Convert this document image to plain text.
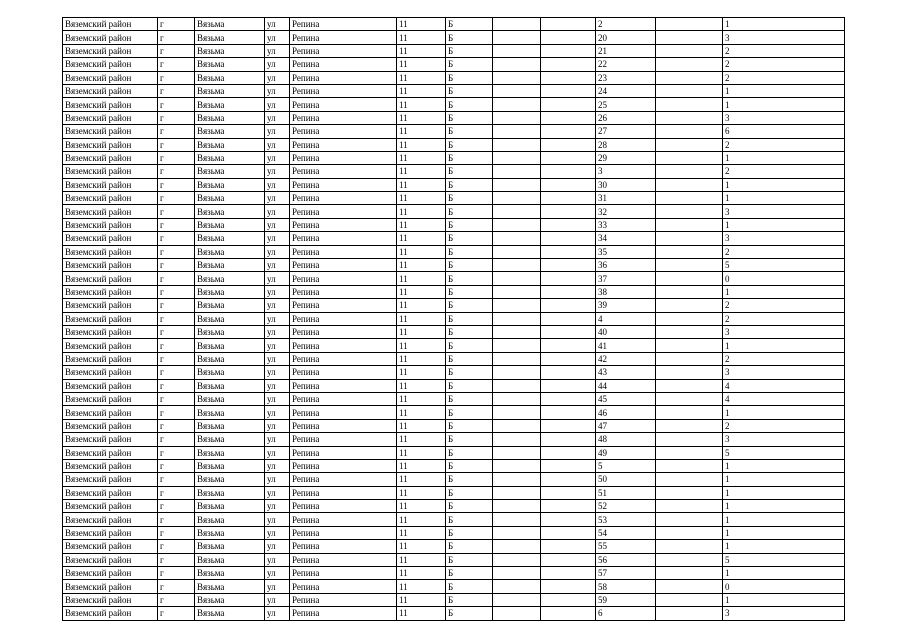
Вяземский район	г	Вязьма	ул	Репина	11	Б			2		1
Вяземский район	г	Вязьма	ул	Репина	11	Б			20		3
Вяземский район	г	Вязьма	ул	Репина	11	Б			21		2
Вяземский район	г	Вязьма	ул	Репина	11	Б			22		2
Вяземский район	г	Вязьма	ул	Репина	11	Б			23		2
Вяземский район	г	Вязьма	ул	Репина	11	Б			24		1
Вяземский район	г	Вязьма	ул	Репина	11	Б			25		1
Вяземский район	г	Вязьма	ул	Репина	11	Б			26		3
Вяземский район	г	Вязьма	ул	Репина	11	Б			27		6
Вяземский район	г	Вязьма	ул	Репина	11	Б			28		2
Вяземский район	г	Вязьма	ул	Репина	11	Б			29		1
Вяземский район	г	Вязьма	ул	Репина	11	Б			3		2
Вяземский район	г	Вязьма	ул	Репина	11	Б			30		1
Вяземский район	г	Вязьма	ул	Репина	11	Б			31		1
Вяземский район	г	Вязьма	ул	Репина	11	Б			32		3
Вяземский район	г	Вязьма	ул	Репина	11	Б			33		1
Вяземский район	г	Вязьма	ул	Репина	11	Б			34		3
Вяземский район	г	Вязьма	ул	Репина	11	Б			35		2
Вяземский район	г	Вязьма	ул	Репина	11	Б			36		5
Вяземский район	г	Вязьма	ул	Репина	11	Б			37		0
Вяземский район	г	Вязьма	ул	Репина	11	Б			38		1
Вяземский район	г	Вязьма	ул	Репина	11	Б			39		2
Вяземский район	г	Вязьма	ул	Репина	11	Б			4		2
Вяземский район	г	Вязьма	ул	Репина	11	Б			40		3
Вяземский район	г	Вязьма	ул	Репина	11	Б			41		1
Вяземский район	г	Вязьма	ул	Репина	11	Б			42		2
Вяземский район	г	Вязьма	ул	Репина	11	Б			43		3
Вяземский район	г	Вязьма	ул	Репина	11	Б			44		4
Вяземский район	г	Вязьма	ул	Репина	11	Б			45		4
Вяземский район	г	Вязьма	ул	Репина	11	Б			46		1
Вяземский район	г	Вязьма	ул	Репина	11	Б			47		2
Вяземский район	г	Вязьма	ул	Репина	11	Б			48		3
Вяземский район	г	Вязьма	ул	Репина	11	Б			49		5
Вяземский район	г	Вязьма	ул	Репина	11	Б			5		1
Вяземский район	г	Вязьма	ул	Репина	11	Б			50		1
Вяземский район	г	Вязьма	ул	Репина	11	Б			51		1
Вяземский район	г	Вязьма	ул	Репина	11	Б			52		1
Вяземский район	г	Вязьма	ул	Репина	11	Б			53		1
Вяземский район	г	Вязьма	ул	Репина	11	Б			54		1
Вяземский район	г	Вязьма	ул	Репина	11	Б			55		1
Вяземский район	г	Вязьма	ул	Репина	11	Б			56		5
Вяземский район	г	Вязьма	ул	Репина	11	Б			57		1
Вяземский район	г	Вязьма	ул	Репина	11	Б			58		0
Вяземский район	г	Вязьма	ул	Репина	11	Б			59		1
Вяземский район	г	Вязьма	ул	Репина	11	Б			6		3
